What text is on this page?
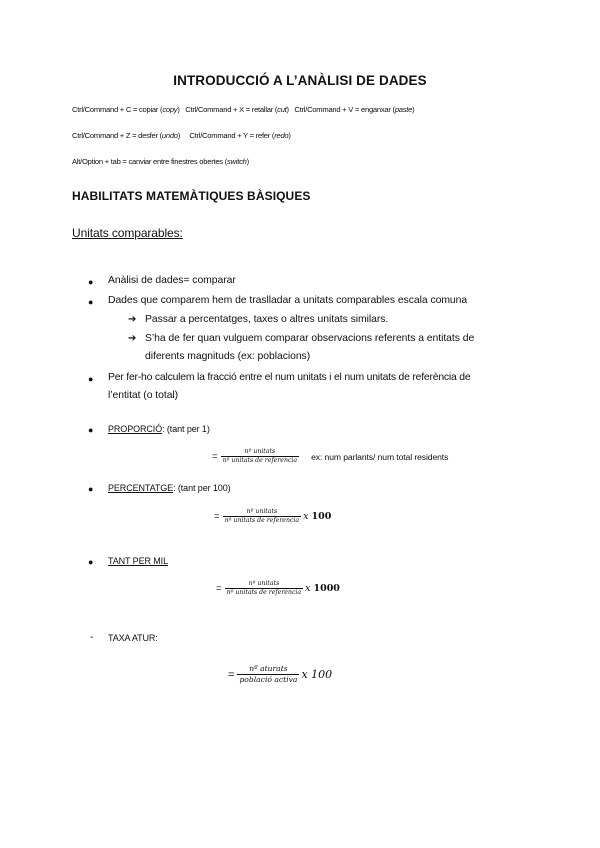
INTRODUCCIÓ A L’ANÀLISI DE DADES
Ctrl/Command + C = copiar (copy) Ctrl/Command + X = retallar (cut) Ctrl/Command + V = enganxar (paste)
Ctrl/Command + Z = desfer (undo) Ctrl/Command + Y = refer (redo)
Alt/Option + tab = canviar entre finestres obertes (switch)
HABILITATS MATEMÀTIQUES BÀSIQUES
Unitats comparables:
● Anàlisi de dades= comparar
● Dades que comparem hem de traslladar a unitats comparables escala comuna
➔ Passar a percentatges, taxes o altres unitats similars.
➔ S’ha de fer quan vulguem comparar observacions referents a entitats de
diferents magnituds (ex: poblacions)
● Per fer-ho calculem la fracció entre el num unitats i el num unitats de referència de
l’entitat (o total)
● PROPORCIÓ: (tant per 1)
= $\frac{\text{nº unitats}}{\text{nº unitats de referencia}}$ ex: num parlants/ num total residents
● PERCENTATGE: (tant per 100)
= $\frac{\text{nº unitats}}{\text{nº unitats de referencia}}$ x 100
● TANT PER MIL
= $\frac{\text{nº unitats}}{\text{nº unitats de referencia}}$ x 1000
- TAXA ATUR:
= $\frac{\text{nº aturats}}{\text{població activa}}$ x 100
